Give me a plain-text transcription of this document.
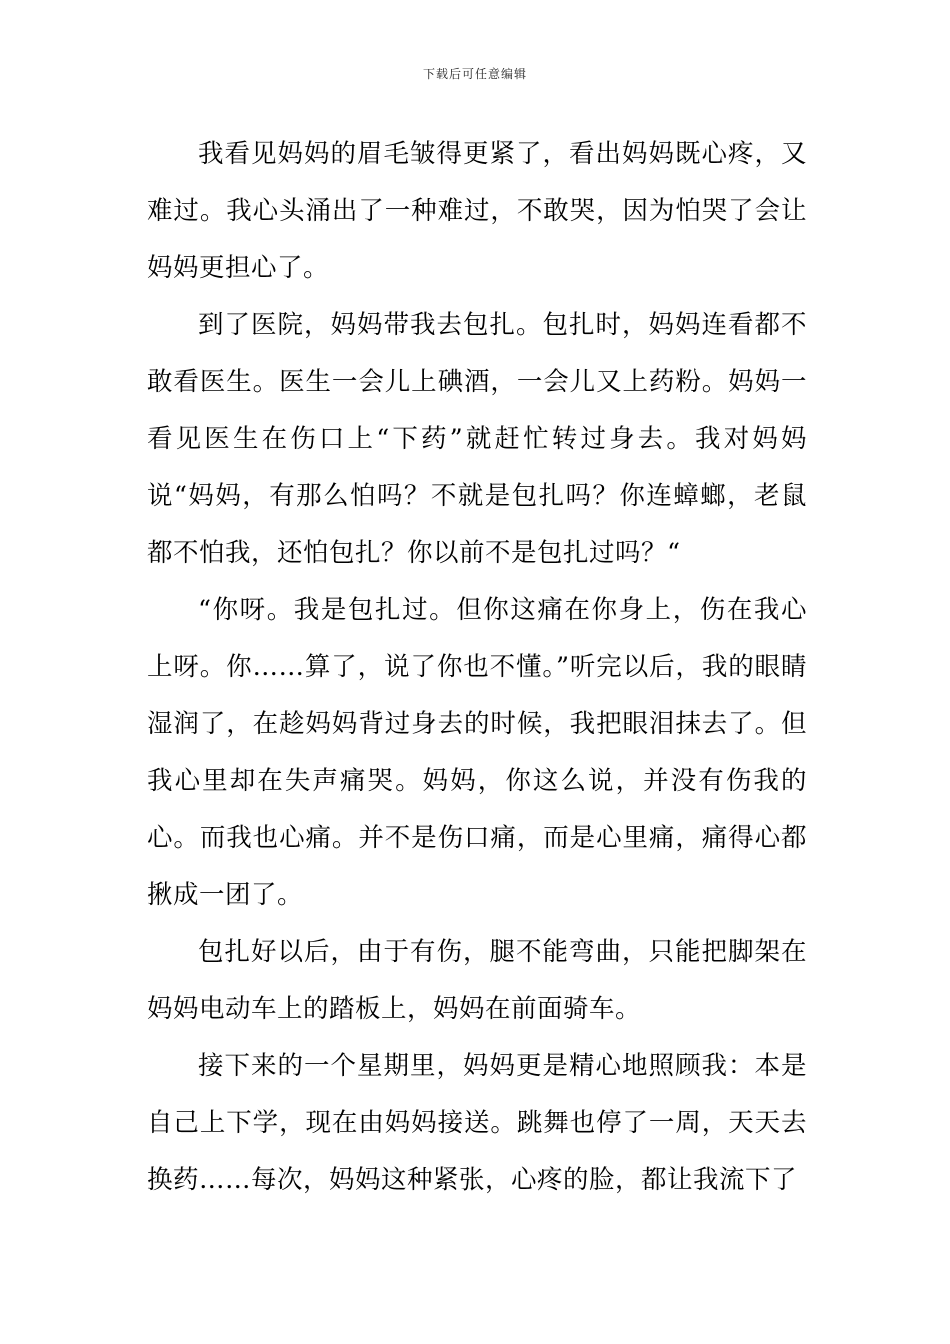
下载后可任意编辑

我看见妈妈的眉毛皱得更紧了，看出妈妈既心疼，又难过。我心头涌出了一种难过，不敢哭，因为怕哭了会让妈妈更担心了。

到了医院，妈妈带我去包扎。包扎时，妈妈连看都不敢看医生。医生一会儿上碘酒，一会儿又上药粉。妈妈一看见医生在伤口上“下药”就赶忙转过身去。我对妈妈说“妈妈，有那么怕吗？不就是包扎吗？你连蟑螂，老鼠都不怕我，还怕包扎？你以前不是包扎过吗？“

“你呀。我是包扎过。但你这痛在你身上，伤在我心上呀。你……算了，说了你也不懂。”听完以后，我的眼睛湿润了，在趁妈妈背过身去的时候，我把眼泪抹去了。但我心里却在失声痛哭。妈妈，你这么说，并没有伤我的心。而我也心痛。并不是伤口痛，而是心里痛，痛得心都揪成一团了。

包扎好以后，由于有伤，腿不能弯曲，只能把脚架在妈妈电动车上的踏板上，妈妈在前面骑车。

接下来的一个星期里，妈妈更是精心地照顾我：本是自己上下学，现在由妈妈接送。跳舞也停了一周，天天去换药……每次，妈妈这种紧张，心疼的脸，都让我流下了
